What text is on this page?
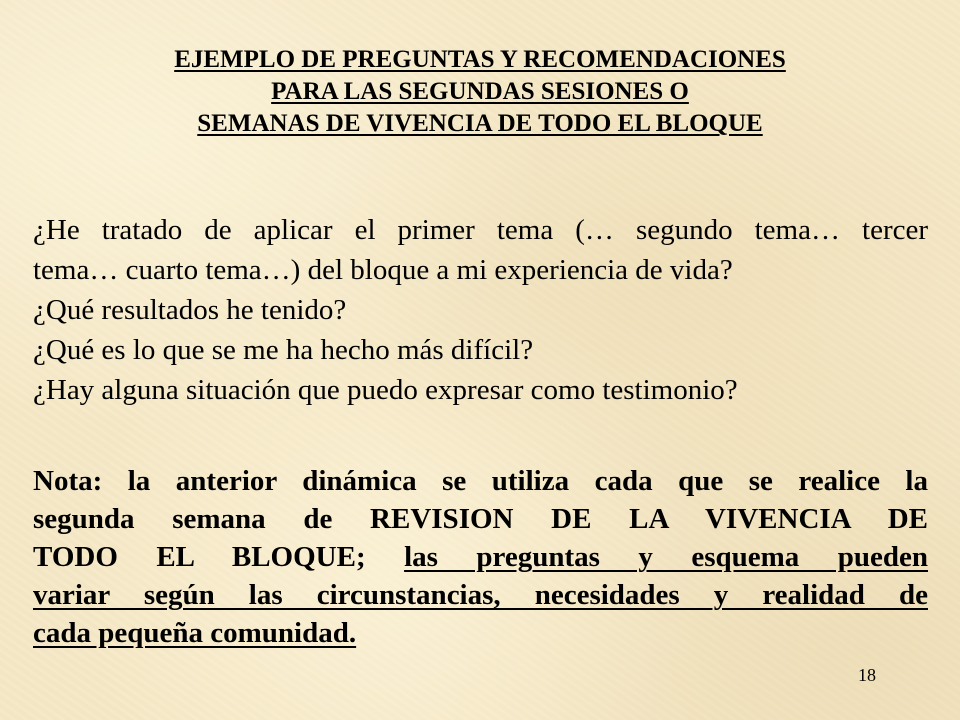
EJEMPLO DE PREGUNTAS Y RECOMENDACIONES
PARA LAS SEGUNDAS SESIONES O
SEMANAS DE VIVENCIA DE TODO EL BLOQUE
¿He tratado de aplicar el primer tema (… segundo tema… tercer
tema… cuarto tema…) del bloque a mi experiencia de vida?
¿Qué resultados he tenido?
¿Qué es lo que se me ha hecho más difícil?
¿Hay alguna situación que puedo expresar como testimonio?
Nota: la anterior dinámica se utiliza cada que se realice la
segunda semana de REVISION DE LA VIVENCIA DE
TODO EL BLOQUE; las preguntas y esquema pueden
variar según las circunstancias, necesidades y realidad de
cada pequeña comunidad.
18
